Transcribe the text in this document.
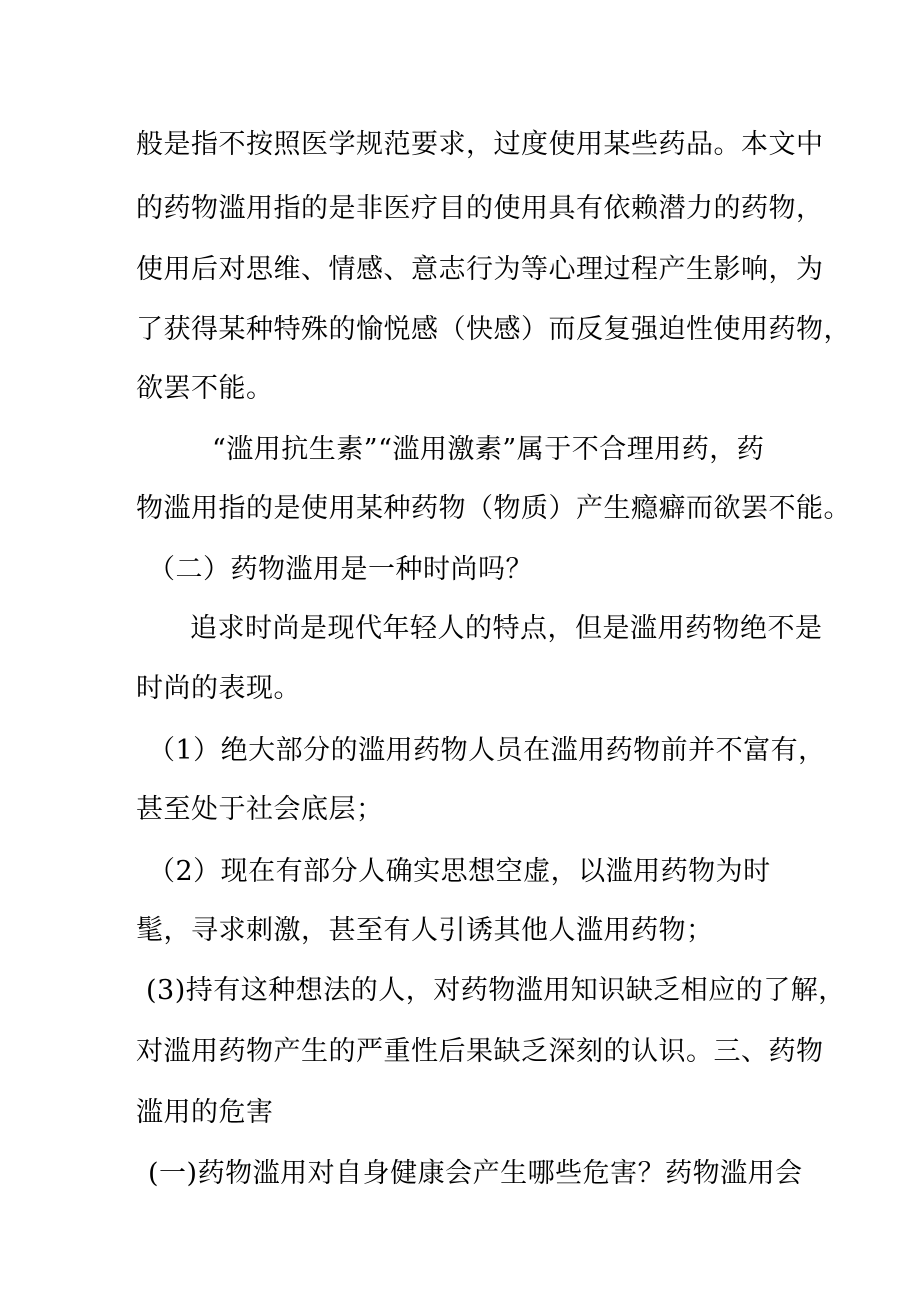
般是指不按照医学规范要求，过度使用某些药品。本文中
的药物滥用指的是非医疗目的使用具有依赖潜力的药物，
使用后对思维、情感、意志行为等心理过程产生影响，为
了获得某种特殊的愉悦感（快感）而反复强迫性使用药物，
欲罢不能。
“滥用抗生素”“滥用激素”属于不合理用药，药
物滥用指的是使用某种药物（物质）产生瘾癖而欲罢不能。
（二）药物滥用是一种时尚吗？
追求时尚是现代年轻人的特点，但是滥用药物绝不是
时尚的表现。
（1）绝大部分的滥用药物人员在滥用药物前并不富有，
甚至处于社会底层；
（2）现在有部分人确实思想空虚，以滥用药物为时
髦，寻求刺激，甚至有人引诱其他人滥用药物；
(3)持有这种想法的人，对药物滥用知识缺乏相应的了解，
对滥用药物产生的严重性后果缺乏深刻的认识。三、药物
滥用的危害
(一)药物滥用对自身健康会产生哪些危害？药物滥用会
